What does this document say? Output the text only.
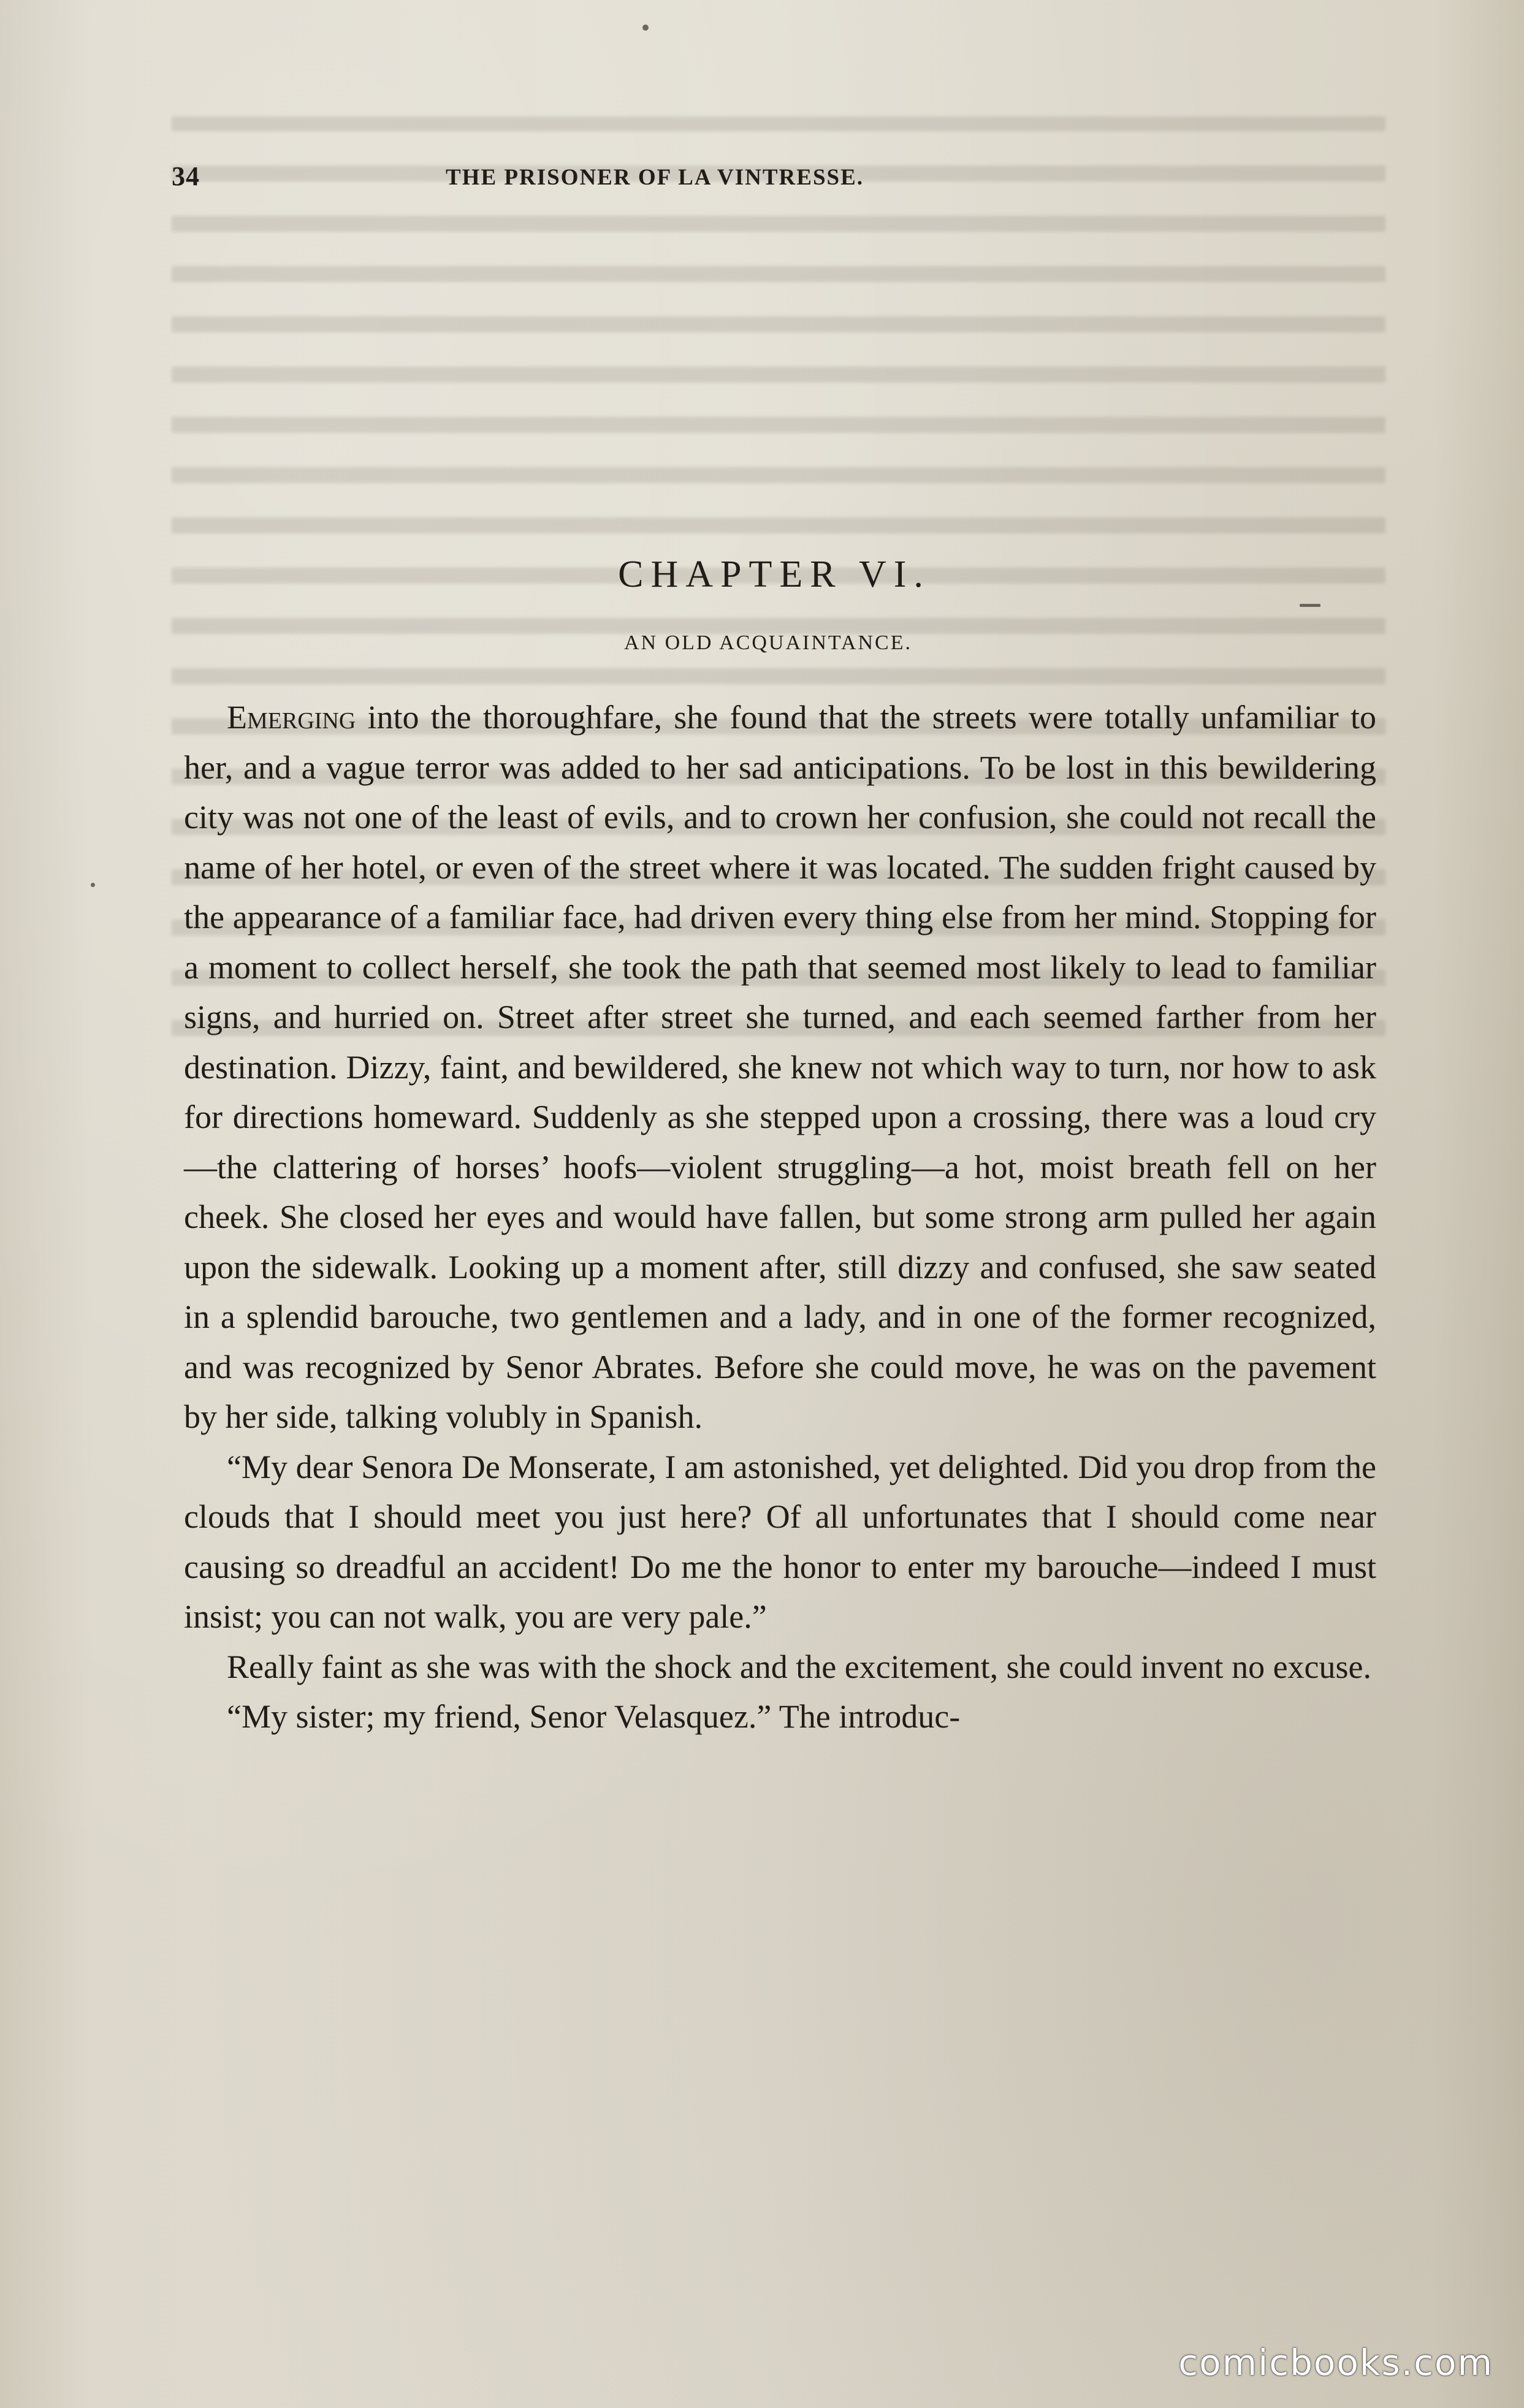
34	THE PRISONER OF LA VINTRESSE.
CHAPTER VI.
AN OLD ACQUAINTANCE.

Emerging into the thoroughfare, she found that the streets were totally unfamiliar to her, and a vague terror was added to her sad anticipations. To be lost in this bewildering city was not one of the least of evils, and to crown her confusion, she could not recall the name of her hotel, or even of the street where it was located. The sudden fright caused by the appearance of a familiar face, had driven every thing else from her mind. Stopping for a moment to collect herself, she took the path that seemed most likely to lead to familiar signs, and hurried on. Street after street she turned, and each seemed farther from her destination. Dizzy, faint, and bewildered, she knew not which way to turn, nor how to ask for directions homeward. Suddenly as she stepped upon a crossing, there was a loud cry—the clattering of horses’ hoofs—violent struggling—a hot, moist breath fell on her cheek. She closed her eyes and would have fallen, but some strong arm pulled her again upon the sidewalk. Looking up a moment after, still dizzy and confused, she saw seated in a splendid barouche, two gentlemen and a lady, and in one of the former recognized, and was recognized by Senor Abrates. Before she could move, he was on the pavement by her side, talking volubly in Spanish.

“My dear Senora De Monserate, I am astonished, yet delighted. Did you drop from the clouds that I should meet you just here? Of all unfortunates that I should come near causing so dreadful an accident! Do me the honor to enter my barouche—indeed I must insist; you can not walk, you are very pale.”

Really faint as she was with the shock and the excitement, she could invent no excuse.

“My sister; my friend, Senor Velasquez.” The introduc-

comicbooks.com
